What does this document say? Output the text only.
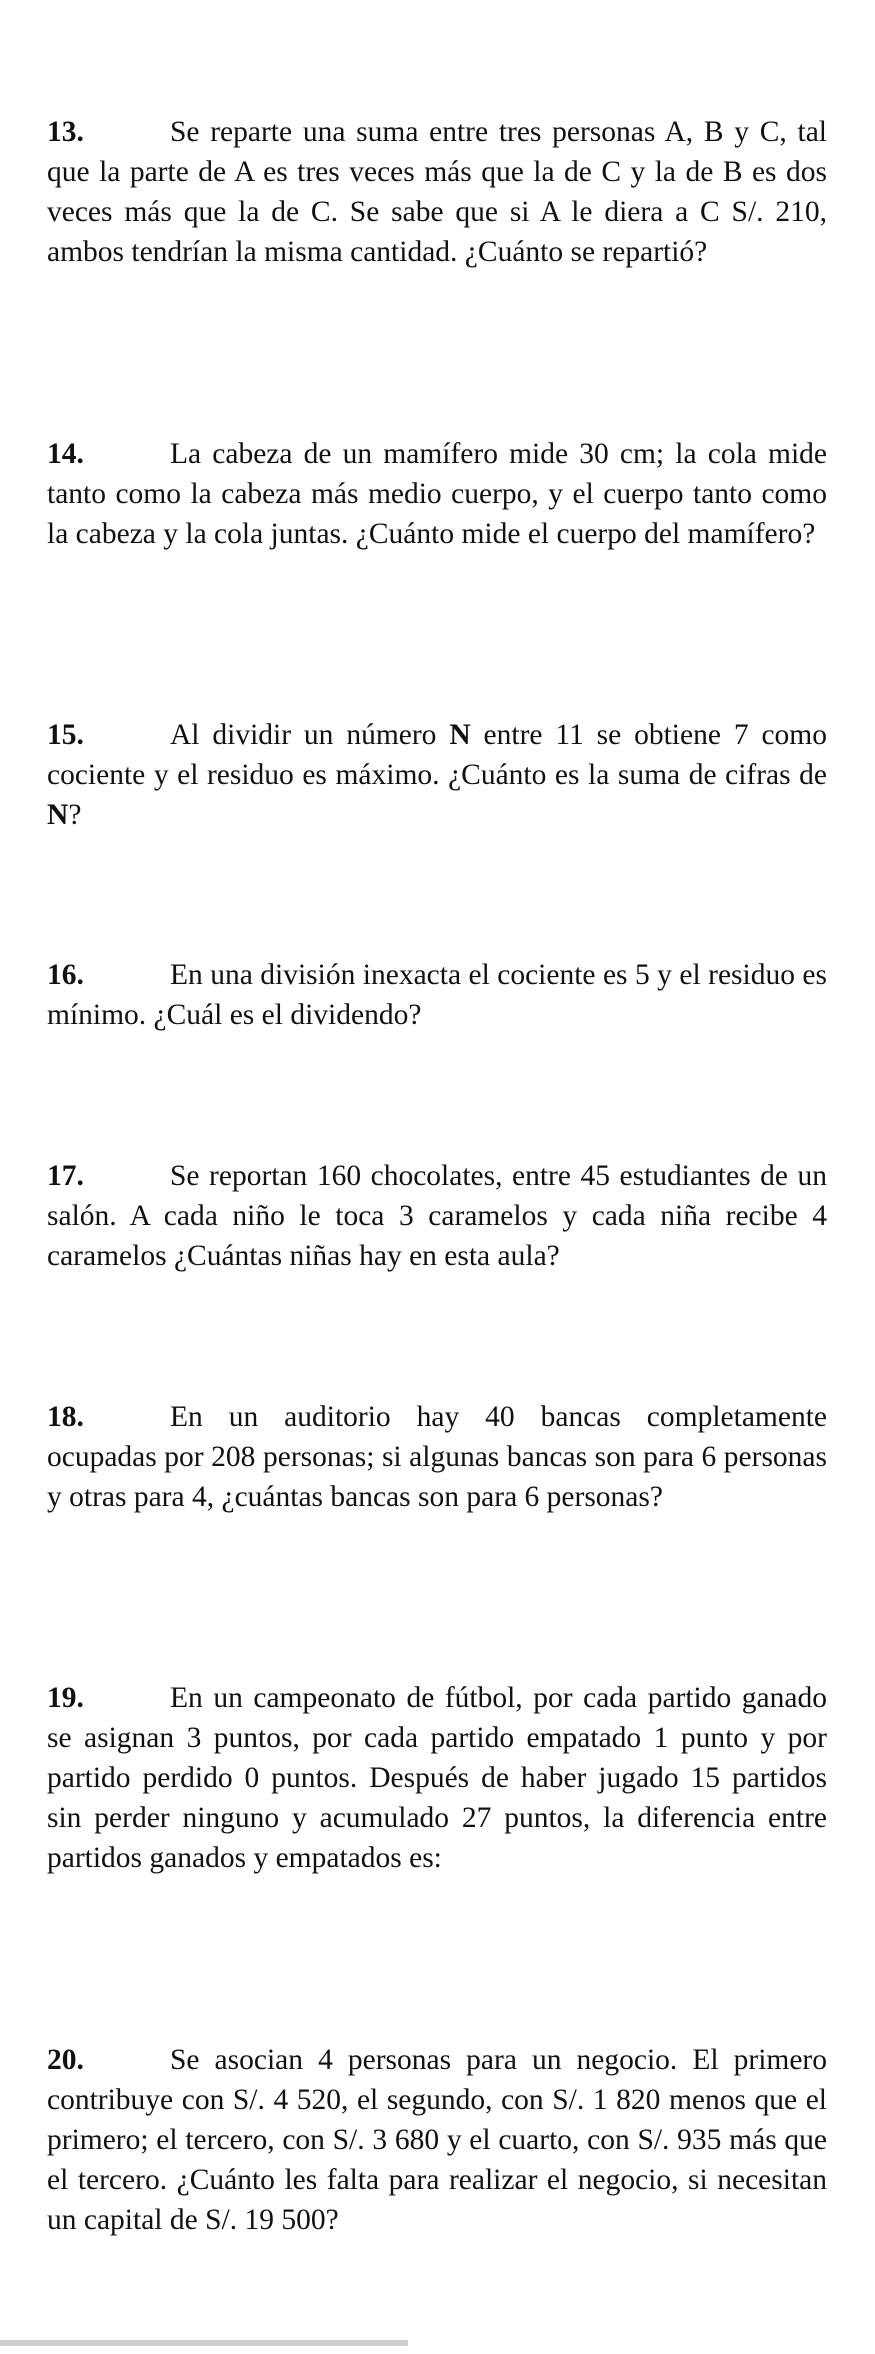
13.	Se reparte una suma entre tres personas A, B y C, tal que la parte de A es tres veces más que la de C y la de B es dos veces más que la de C. Se sabe que si A le diera a C S/. 210, ambos tendrían la misma cantidad. ¿Cuánto se repartió?

14.	La cabeza de un mamífero mide 30 cm; la cola mide tanto como la cabeza más medio cuerpo, y el cuerpo tanto como la cabeza y la cola juntas. ¿Cuánto mide el cuerpo del mamífero?

15.	Al dividir un número N entre 11 se obtiene 7 como cociente y el residuo es máximo. ¿Cuánto es la suma de cifras de N?

16.	En una división inexacta el cociente es 5 y el residuo es mínimo. ¿Cuál es el dividendo?

17.	Se reportan 160 chocolates, entre 45 estudiantes de un salón. A cada niño le toca 3 caramelos y cada niña recibe 4 caramelos ¿Cuántas niñas hay en esta aula?

18.	En un auditorio hay 40 bancas completamente ocupadas por 208 personas; si algunas bancas son para 6 personas y otras para 4, ¿cuántas bancas son para 6 personas?

19.	En un campeonato de fútbol, por cada partido ganado se asignan 3 puntos, por cada partido empatado 1 punto y por partido perdido 0 puntos. Después de haber jugado 15 partidos sin perder ninguno y acumulado 27 puntos, la diferencia entre partidos ganados y empatados es:

20.	Se asocian 4 personas para un negocio. El primero contribuye con S/. 4 520, el segundo, con S/. 1 820 menos que el primero; el tercero, con S/. 3 680 y el cuarto, con S/. 935 más que el tercero. ¿Cuánto les falta para realizar el negocio, si necesitan un capital de S/. 19 500?
